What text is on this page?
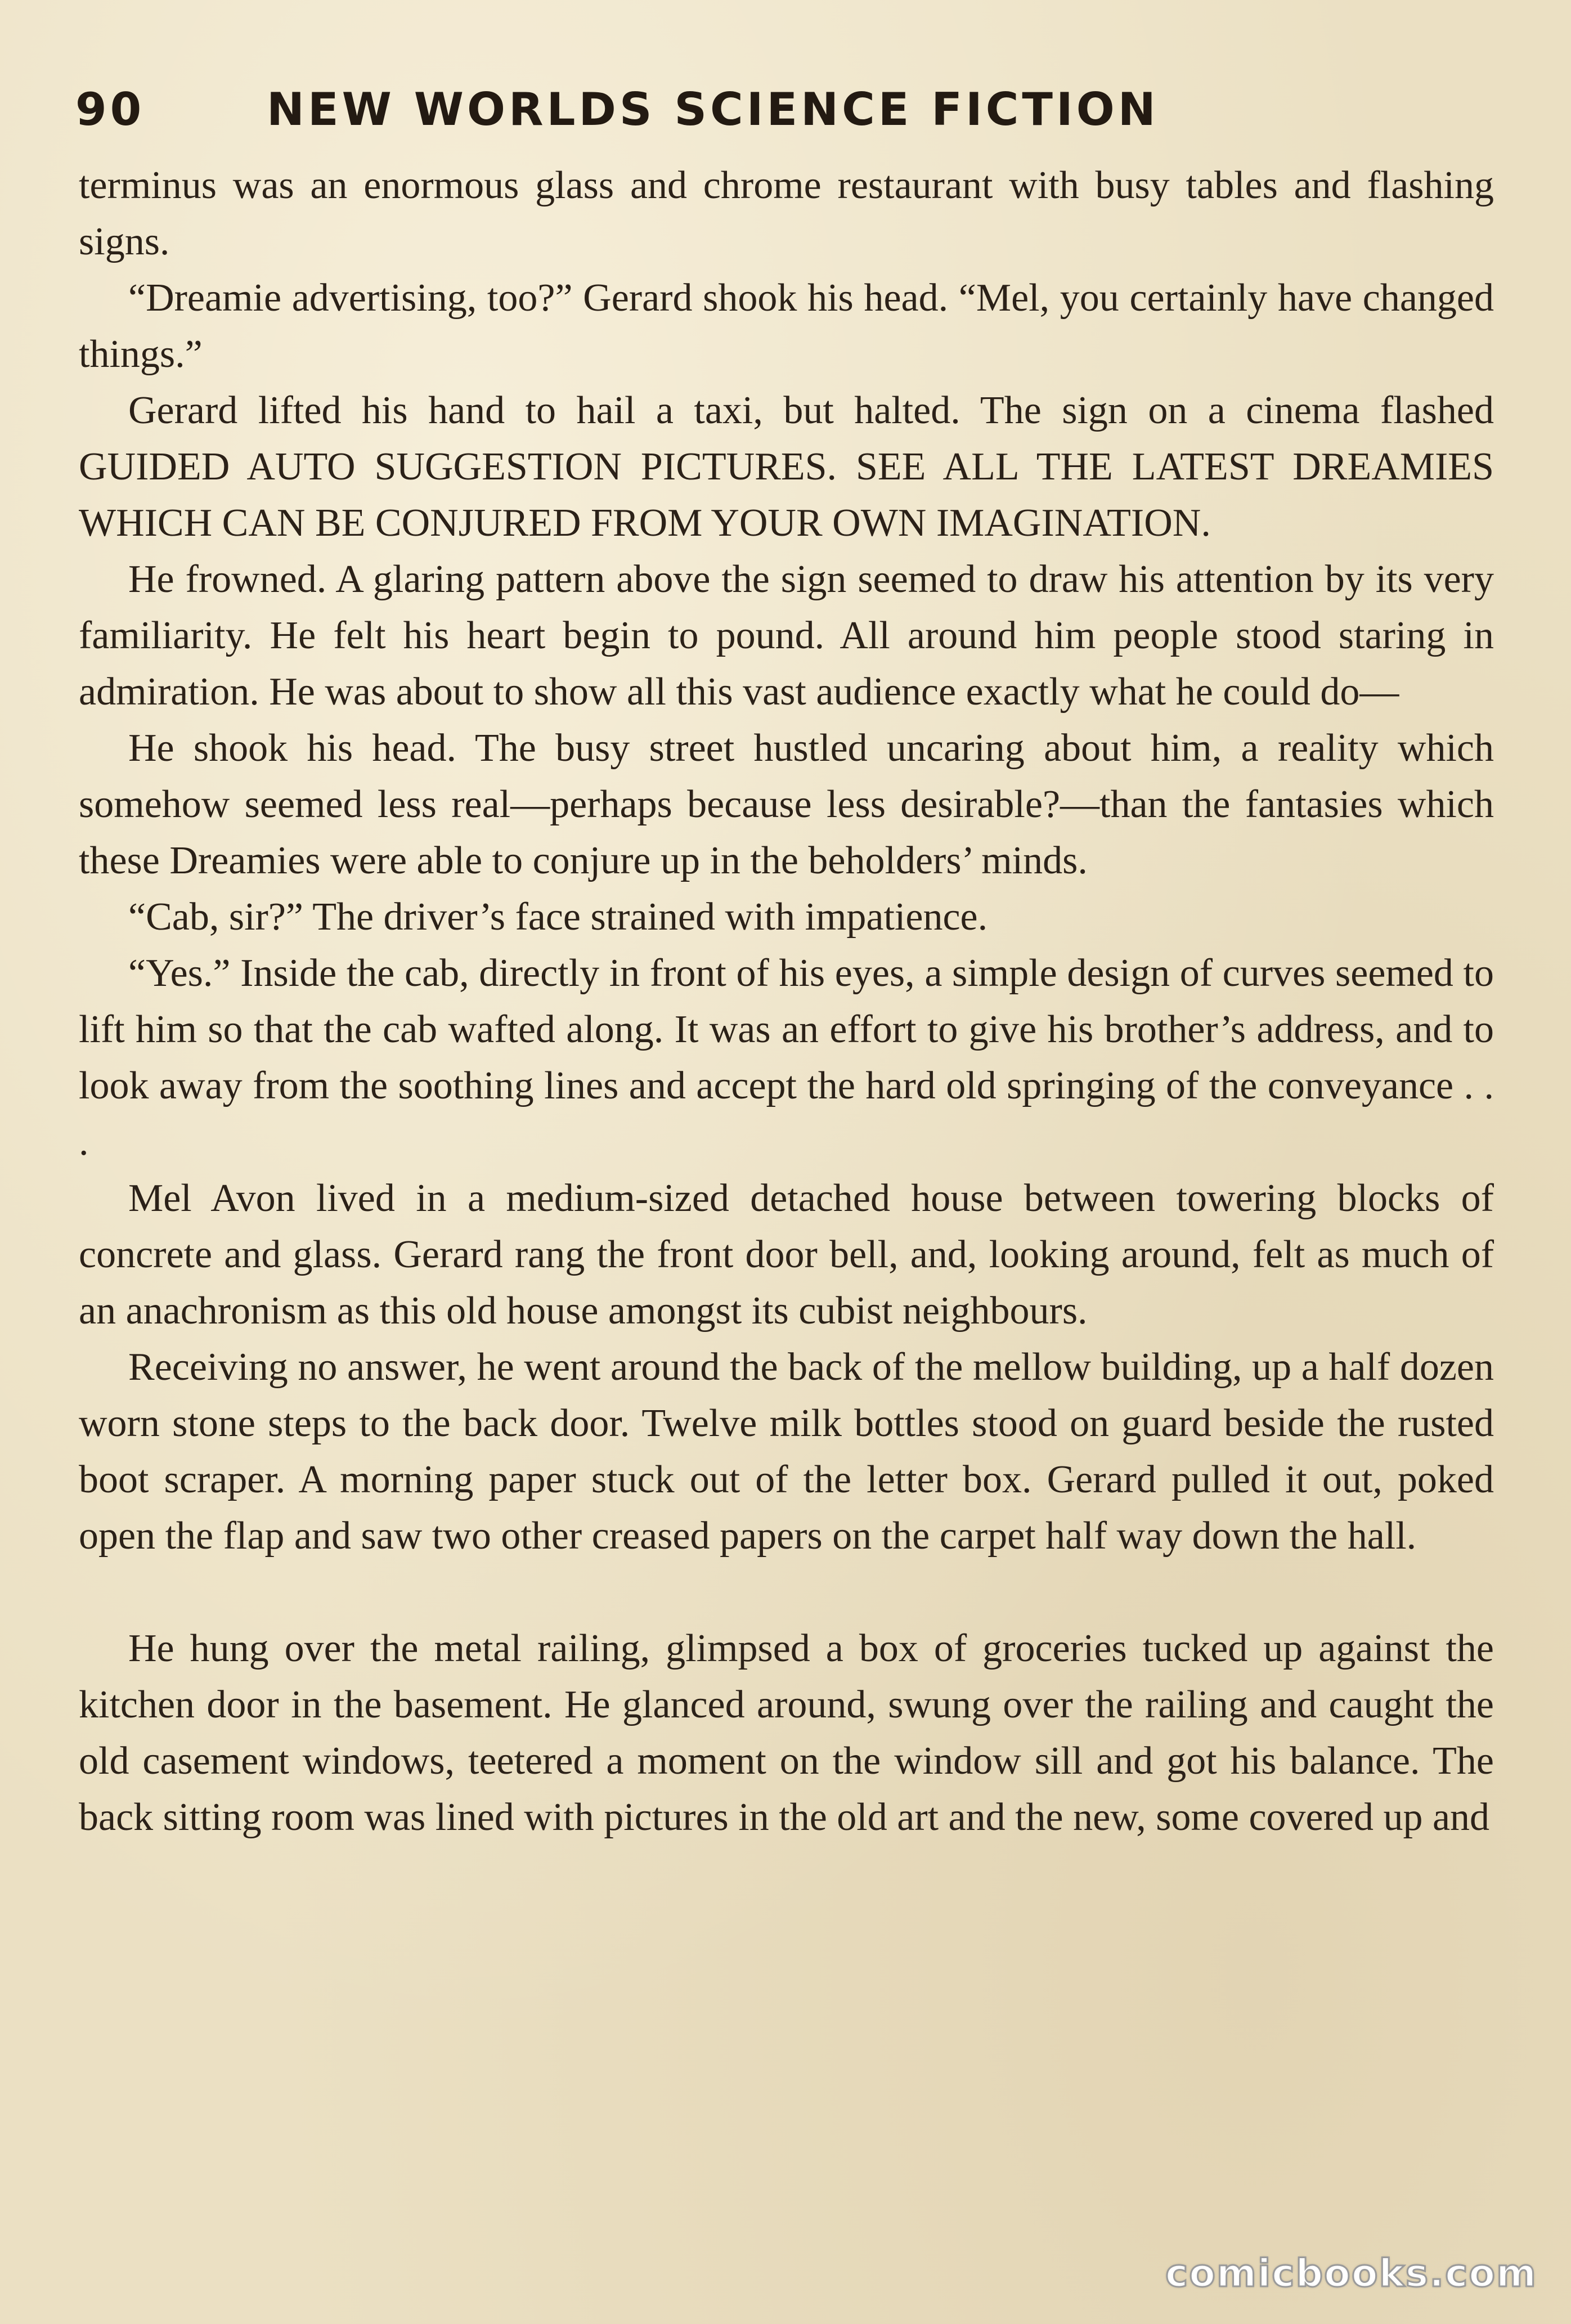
90	NEW WORLDS SCIENCE FICTION

terminus was an enormous glass and chrome restaurant with busy tables and flashing signs.

“Dreamie advertising, too?” Gerard shook his head. “Mel, you certainly have changed things.”

Gerard lifted his hand to hail a taxi, but halted. The sign on a cinema flashed GUIDED AUTO SUGGESTION PICTURES. SEE ALL THE LATEST DREAMIES WHICH CAN BE CONJURED FROM YOUR OWN IMAGINATION.

He frowned. A glaring pattern above the sign seemed to draw his attention by its very familiarity. He felt his heart begin to pound. All around him people stood staring in admiration. He was about to show all this vast audience exactly what he could do—

He shook his head. The busy street hustled uncaring about him, a reality which somehow seemed less real—perhaps because less desirable?—than the fantasies which these Dreamies were able to conjure up in the beholders’ minds.

“Cab, sir?” The driver’s face strained with impatience.

“Yes.” Inside the cab, directly in front of his eyes, a simple design of curves seemed to lift him so that the cab wafted along. It was an effort to give his brother’s address, and to look away from the soothing lines and accept the hard old springing of the conveyance . . .

Mel Avon lived in a medium-sized detached house between towering blocks of concrete and glass. Gerard rang the front door bell, and, looking around, felt as much of an anachronism as this old house amongst its cubist neighbours.

Receiving no answer, he went around the back of the mellow building, up a half dozen worn stone steps to the back door. Twelve milk bottles stood on guard beside the rusted boot scraper. A morning paper stuck out of the letter box. Gerard pulled it out, poked open the flap and saw two other creased papers on the carpet half way down the hall.

He hung over the metal railing, glimpsed a box of groceries tucked up against the kitchen door in the basement. He glanced around, swung over the railing and caught the old casement windows, teetered a moment on the window sill and got his balance. The back sitting room was lined with pictures in the old art and the new, some covered up and

comicbooks.com
